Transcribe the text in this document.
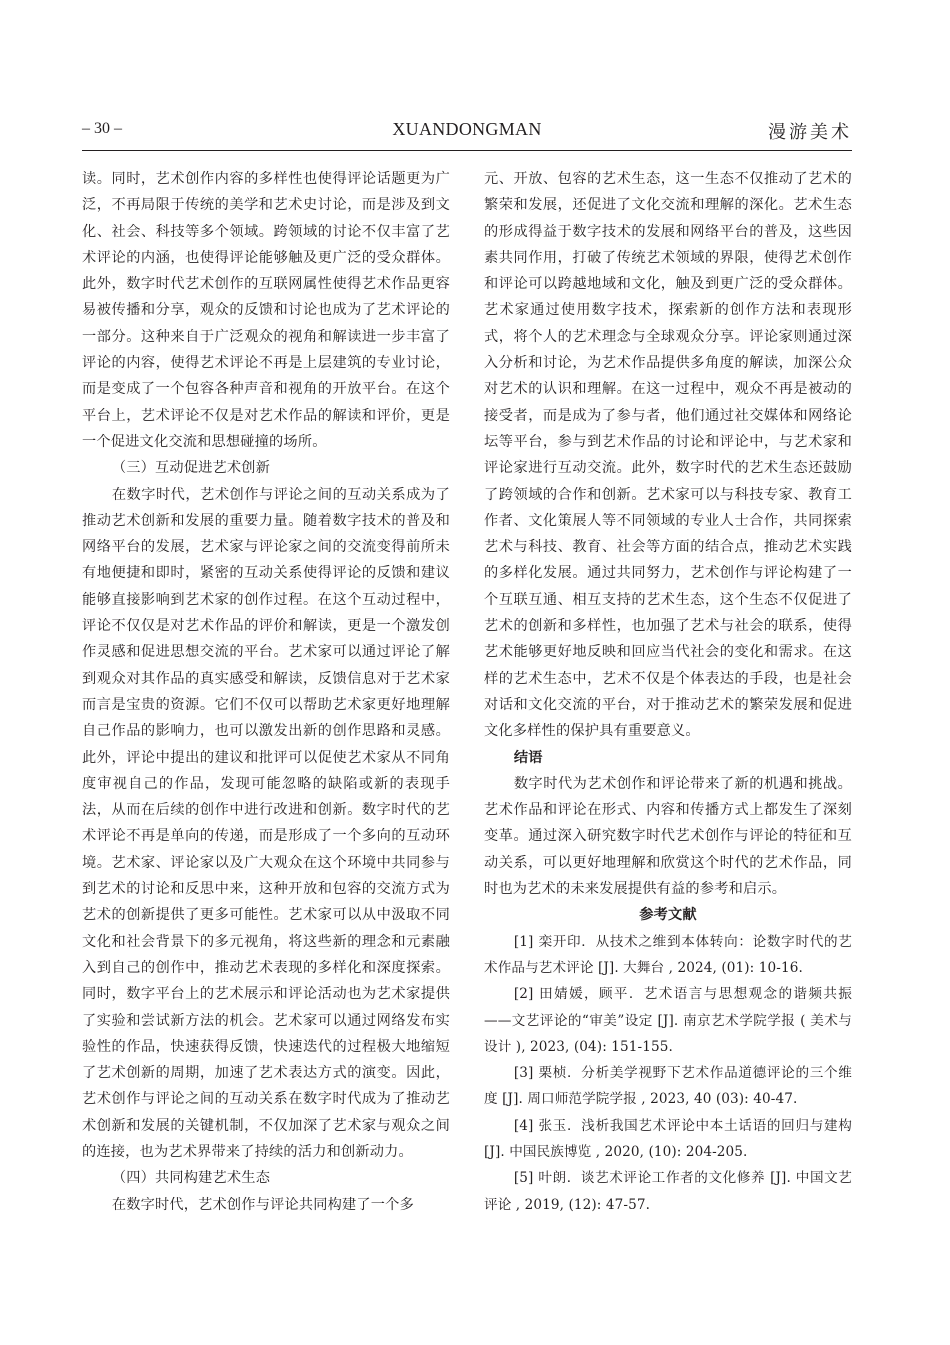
– 30 –	XUANDONGMAN	漫游美术

读。同时，艺术创作内容的多样性也使得评论话题更为广泛，不再局限于传统的美学和艺术史讨论，而是涉及到文化、社会、科技等多个领域。跨领域的讨论不仅丰富了艺术评论的内涵，也使得评论能够触及更广泛的受众群体。此外，数字时代艺术创作的互联网属性使得艺术作品更容易被传播和分享，观众的反馈和讨论也成为了艺术评论的一部分。这种来自于广泛观众的视角和解读进一步丰富了评论的内容，使得艺术评论不再是上层建筑的专业讨论，而是变成了一个包容各种声音和视角的开放平台。在这个平台上，艺术评论不仅是对艺术作品的解读和评价，更是一个促进文化交流和思想碰撞的场所。

（三）互动促进艺术创新

在数字时代，艺术创作与评论之间的互动关系成为了推动艺术创新和发展的重要力量。随着数字技术的普及和网络平台的发展，艺术家与评论家之间的交流变得前所未有地便捷和即时，紧密的互动关系使得评论的反馈和建议能够直接影响到艺术家的创作过程。在这个互动过程中，评论不仅仅是对艺术作品的评价和解读，更是一个激发创作灵感和促进思想交流的平台。艺术家可以通过评论了解到观众对其作品的真实感受和解读，反馈信息对于艺术家而言是宝贵的资源。它们不仅可以帮助艺术家更好地理解自己作品的影响力，也可以激发出新的创作思路和灵感。此外，评论中提出的建议和批评可以促使艺术家从不同角度审视自己的作品，发现可能忽略的缺陷或新的表现手法，从而在后续的创作中进行改进和创新。数字时代的艺术评论不再是单向的传递，而是形成了一个多向的互动环境。艺术家、评论家以及广大观众在这个环境中共同参与到艺术的讨论和反思中来，这种开放和包容的交流方式为艺术的创新提供了更多可能性。艺术家可以从中汲取不同文化和社会背景下的多元视角，将这些新的理念和元素融入到自己的创作中，推动艺术表现的多样化和深度探索。同时，数字平台上的艺术展示和评论活动也为艺术家提供了实验和尝试新方法的机会。艺术家可以通过网络发布实验性的作品，快速获得反馈，快速迭代的过程极大地缩短了艺术创新的周期，加速了艺术表达方式的演变。因此，艺术创作与评论之间的互动关系在数字时代成为了推动艺术创新和发展的关键机制，不仅加深了艺术家与观众之间的连接，也为艺术界带来了持续的活力和创新动力。

（四）共同构建艺术生态

在数字时代，艺术创作与评论共同构建了一个多

元、开放、包容的艺术生态，这一生态不仅推动了艺术的繁荣和发展，还促进了文化交流和理解的深化。艺术生态的形成得益于数字技术的发展和网络平台的普及，这些因素共同作用，打破了传统艺术领域的界限，使得艺术创作和评论可以跨越地域和文化，触及到更广泛的受众群体。艺术家通过使用数字技术，探索新的创作方法和表现形式，将个人的艺术理念与全球观众分享。评论家则通过深入分析和讨论，为艺术作品提供多角度的解读，加深公众对艺术的认识和理解。在这一过程中，观众不再是被动的接受者，而是成为了参与者，他们通过社交媒体和网络论坛等平台，参与到艺术作品的讨论和评论中，与艺术家和评论家进行互动交流。此外，数字时代的艺术生态还鼓励了跨领域的合作和创新。艺术家可以与科技专家、教育工作者、文化策展人等不同领域的专业人士合作，共同探索艺术与科技、教育、社会等方面的结合点，推动艺术实践的多样化发展。通过共同努力，艺术创作与评论构建了一个互联互通、相互支持的艺术生态，这个生态不仅促进了艺术的创新和多样性，也加强了艺术与社会的联系，使得艺术能够更好地反映和回应当代社会的变化和需求。在这样的艺术生态中，艺术不仅是个体表达的手段，也是社会对话和文化交流的平台，对于推动艺术的繁荣发展和促进文化多样性的保护具有重要意义。

结语

数字时代为艺术创作和评论带来了新的机遇和挑战。艺术作品和评论在形式、内容和传播方式上都发生了深刻变革。通过深入研究数字时代艺术创作与评论的特征和互动关系，可以更好地理解和欣赏这个时代的艺术作品，同时也为艺术的未来发展提供有益的参考和启示。

参考文献

[1] 栾开印．从技术之维到本体转向：论数字时代的艺术作品与艺术评论 [J]. 大舞台 , 2024, (01): 10-16.

[2] 田婧媛，顾平．艺术语言与思想观念的谐频共振——文艺评论的“审美”设定 [J]. 南京艺术学院学报 ( 美术与设计 ), 2023, (04): 151-155.

[3] 栗桢．分析美学视野下艺术作品道德评论的三个维度 [J]. 周口师范学院学报 , 2023, 40 (03): 40-47.

[4] 张玉．浅析我国艺术评论中本土话语的回归与建构 [J]. 中国民族博览 , 2020, (10): 204-205.

[5] 叶朗．谈艺术评论工作者的文化修养 [J]. 中国文艺评论 , 2019, (12): 47-57.
